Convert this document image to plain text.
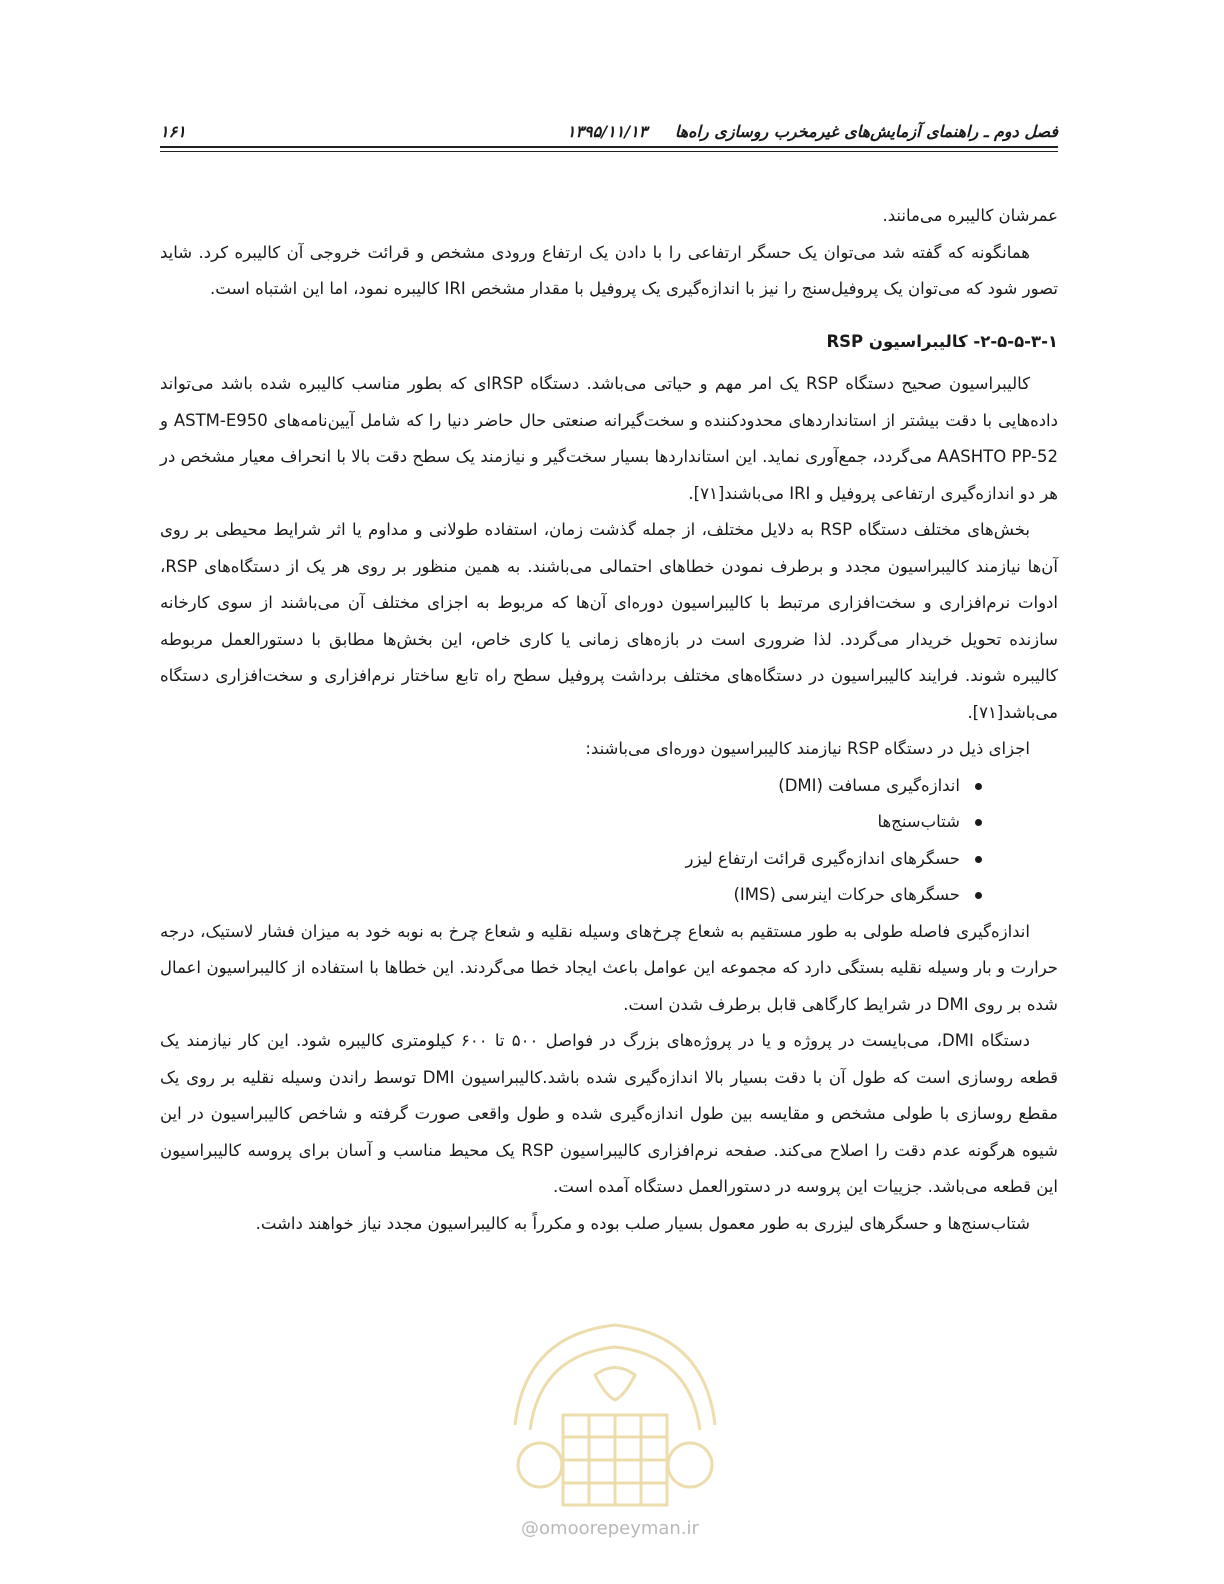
فصل دوم ـ راهنمای آزمایش‌های غیرمخرب روسازی راه‌ها ۱۳۹۵/۱۱/۱۳
۱۶۱

عمرشان کالیبره می‌مانند.

همانگونه که گفته شد می‌توان یک حسگر ارتفاعی را با دادن یک ارتفاع ورودی مشخص و قرائت خروجی آن کالیبره کرد. شاید تصور شود که می‌توان یک پروفیل‌سنج را نیز با اندازه‌گیری یک پروفیل با مقدار مشخص IRI کالیبره نمود، اما این اشتباه است.

۲-۵-۵-۳-۱- کالیبراسیون RSP

کالیبراسیون صحیح دستگاه RSP یک امر مهم و حیاتی می‌باشد. دستگاه RSPای که بطور مناسب کالیبره شده باشد می‌تواند داده‌هایی با دقت بیشتر از استانداردهای محدودکننده و سخت‌گیرانه صنعتی حال حاضر دنیا را که شامل آیین‌نامه‌های ASTM-E950 و AASHTO PP-52 می‌گردد، جمع‌آوری نماید. این استانداردها بسیار سخت‌گیر و نیازمند یک سطح دقت بالا با انحراف معیار مشخص در هر دو اندازه‌گیری ارتفاعی پروفیل و IRI می‌باشند[۷۱].

بخش‌های مختلف دستگاه RSP به دلایل مختلف، از جمله گذشت زمان، استفاده طولانی و مداوم یا اثر شرایط محیطی بر روی آن‌ها نیازمند کالیبراسیون مجدد و برطرف نمودن خطاهای احتمالی می‌باشند. به همین منظور بر روی هر یک از دستگاه‌های RSP، ادوات نرم‌افزاری و سخت‌افزاری مرتبط با کالیبراسیون دوره‌ای آن‌ها که مربوط به اجزای مختلف آن می‌باشند از سوی کارخانه سازنده تحویل خریدار می‌گردد. لذا ضروری است در بازه‌های زمانی یا کاری خاص، این بخش‌ها مطابق با دستورالعمل مربوطه کالیبره شوند. فرایند کالیبراسیون در دستگاه‌های مختلف برداشت پروفیل سطح راه تابع ساختار نرم‌افزاری و سخت‌افزاری دستگاه می‌باشد[۷۱].

اجزای ذیل در دستگاه RSP نیازمند کالیبراسیون دوره‌ای می‌باشند:

اندازه‌گیری مسافت (DMI)
شتاب‌سنج‌ها
حسگرهای اندازه‌گیری قرائت ارتفاع لیزر
حسگرهای حرکات اینرسی (IMS)

اندازه‌گیری فاصله طولی به طور مستقیم به شعاع چرخ‌های وسیله نقلیه و شعاع چرخ به نوبه خود به میزان فشار لاستیک، درجه حرارت و بار وسیله نقلیه بستگی دارد که مجموعه این عوامل باعث ایجاد خطا می‌گردند. این خطاها با استفاده از کالیبراسیون اعمال شده بر روی DMI در شرایط کارگاهی قابل برطرف شدن است.

دستگاه DMI، می‌بایست در پروژه و یا در پروژه‌های بزرگ در فواصل ۵۰۰ تا ۶۰۰ کیلومتری کالیبره شود. این کار نیازمند یک قطعه روسازی است که طول آن با دقت بسیار بالا اندازه‌گیری شده باشد.کالیبراسیون DMI توسط راندن وسیله نقلیه بر روی یک مقطع روسازی با طولی مشخص و مقایسه بین طول اندازه‌گیری شده و طول واقعی صورت گرفته و شاخص کالیبراسیون در این شیوه هرگونه عدم دقت را اصلاح می‌کند. صفحه نرم‌افزاری کالیبراسیون RSP یک محیط مناسب و آسان برای پروسه کالیبراسیون این قطعه می‌باشد. جزییات این پروسه در دستورالعمل دستگاه آمده است.

شتاب‌سنج‌ها و حسگرهای لیزری به طور معمول بسیار صلب بوده و مکرراً به کالیبراسیون مجدد نیاز خواهند داشت.

@omoorepeyman.ir
